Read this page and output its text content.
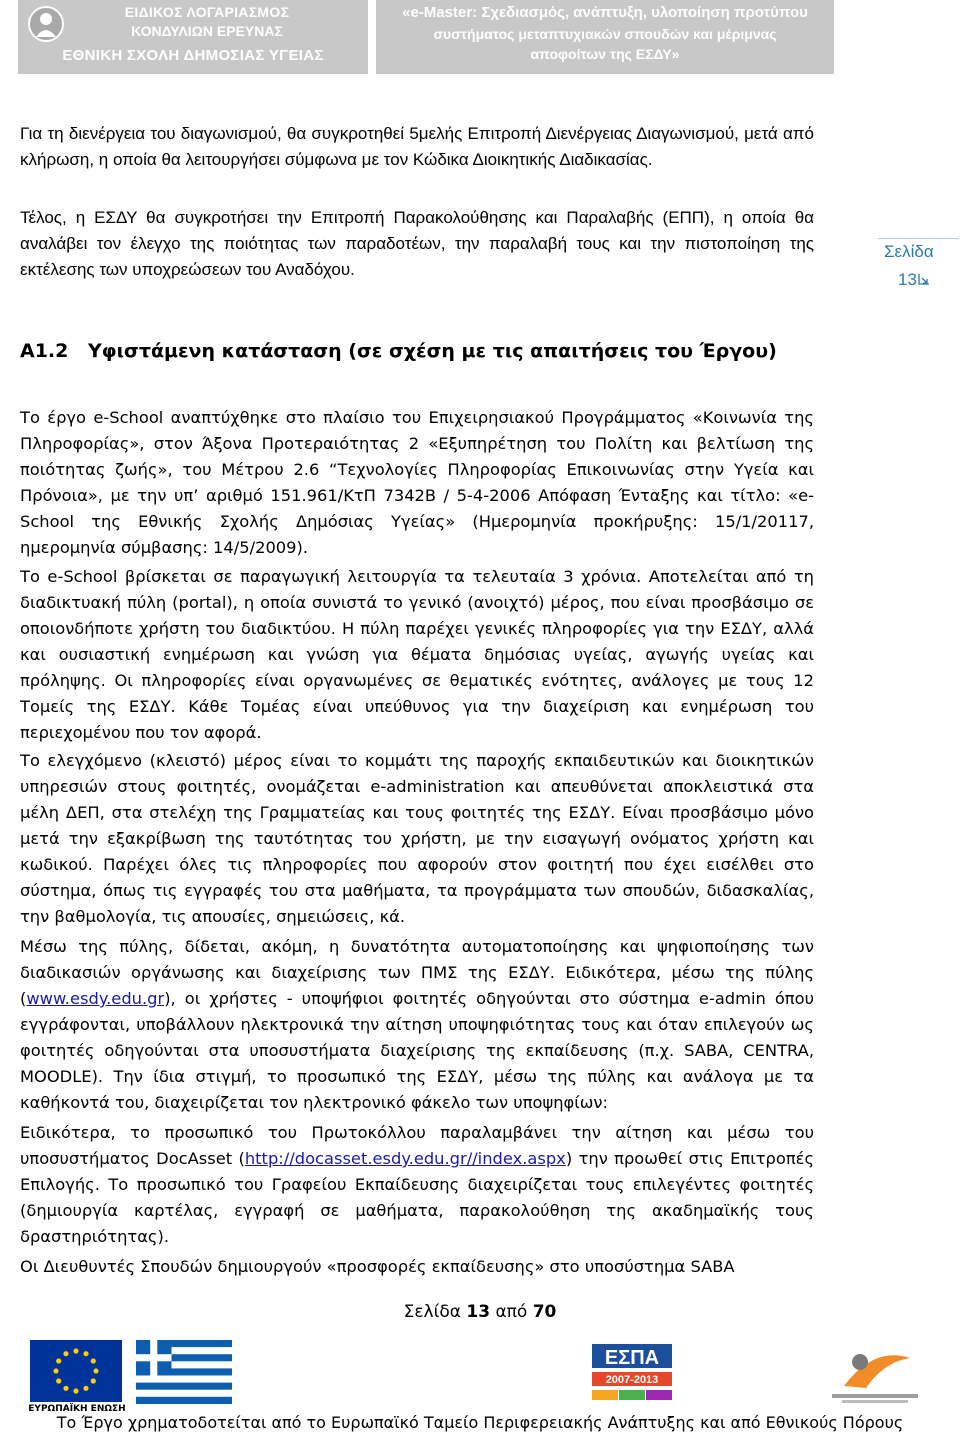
ΕΙΔΙΚΟΣ ΛΟΓΑΡΙΑΣΜΟΣ
ΚΟΝΔΥΛΙΩΝ ΕΡΕΥΝΑΣ
ΕΘΝΙΚΗ ΣΧΟΛΗ ΔΗΜΟΣΙΑΣ ΥΓΕΙΑΣ
«e-Master: Σχεδιασμός, ανάπτυξη, υλοποίηση προτύπου
συστήματος μεταπτυχιακών σπουδών και μέριμνας
αποφοίτων της ΕΣΔΥ»

Για τη διενέργεια του διαγωνισμού, θα συγκροτηθεί 5μελής Επιτροπή Διενέργειας Διαγωνισμού, μετά από κλήρωση, η οποία θα λειτουργήσει σύμφωνα με τον Κώδικα Διοικητικής Διαδικασίας.

Τέλος, η ΕΣΔΥ θα συγκροτήσει την Επιτροπή Παρακολούθησης και Παραλαβής (ΕΠΠ), η οποία θα αναλάβει τον έλεγχο της ποιότητας των παραδοτέων, την παραλαβή τους και την πιστοποίηση της εκτέλεσης των υποχρεώσεων του Αναδόχου.

Σελίδα
13
Α1.2 Υφιστάμενη κατάσταση (σε σχέση με τις απαιτήσεις του Έργου)

Το έργο e-School αναπτύχθηκε στο πλαίσιο του Επιχειρησιακού Προγράμματος «Κοινωνία της Πληροφορίας», στον Άξονα Προτεραιότητας 2 «Εξυπηρέτηση του Πολίτη και βελτίωση της ποιότητας ζωής», του Μέτρου 2.6 “Τεχνολογίες Πληροφορίας Επικοινωνίας στην Υγεία και Πρόνοια», με την υπ’ αριθμό 151.961/ΚτΠ 7342Β / 5-4-2006 Απόφαση Ένταξης και τίτλο: «e-School της Εθνικής Σχολής Δημόσιας Υγείας» (Ημερομηνία προκήρυξης: 15/1/20117, ημερομηνία σύμβασης: 14/5/2009).

Το e-School βρίσκεται σε παραγωγική λειτουργία τα τελευταία 3 χρόνια. Αποτελείται από τη διαδικτυακή πύλη (portal), η οποία συνιστά το γενικό (ανοιχτό) μέρος, που είναι προσβάσιμο σε οποιονδήποτε χρήστη του διαδικτύου. Η πύλη παρέχει γενικές πληροφορίες για την ΕΣΔΥ, αλλά και ουσιαστική ενημέρωση και γνώση για θέματα δημόσιας υγείας, αγωγής υγείας και πρόληψης. Οι πληροφορίες είναι οργανωμένες σε θεματικές ενότητες, ανάλογες με τους 12 Τομείς της ΕΣΔΥ. Κάθε Τομέας είναι υπεύθυνος για την διαχείριση και ενημέρωση του περιεχομένου που τον αφορά.

Το ελεγχόμενο (κλειστό) μέρος είναι το κομμάτι της παροχής εκπαιδευτικών και διοικητικών υπηρεσιών στους φοιτητές, ονομάζεται e-administration και απευθύνεται αποκλειστικά στα μέλη ΔΕΠ, στα στελέχη της Γραμματείας και τους φοιτητές της ΕΣΔΥ. Είναι προσβάσιμο μόνο μετά την εξακρίβωση της ταυτότητας του χρήστη, με την εισαγωγή ονόματος χρήστη και κωδικού. Παρέχει όλες τις πληροφορίες που αφορούν στον φοιτητή που έχει εισέλθει στο σύστημα, όπως τις εγγραφές του στα μαθήματα, τα προγράμματα των σπουδών, διδασκαλίας, την βαθμολογία, τις απουσίες, σημειώσεις, κά.

Μέσω της πύλης, δίδεται, ακόμη, η δυνατότητα αυτοματοποίησης και ψηφιοποίησης των διαδικασιών οργάνωσης και διαχείρισης των ΠΜΣ της ΕΣΔΥ. Ειδικότερα, μέσω της πύλης (www.esdy.edu.gr), οι χρήστες - υποψήφιοι φοιτητές οδηγούνται στο σύστημα e-admin όπου εγγράφονται, υποβάλλουν ηλεκτρονικά την αίτηση υποψηφιότητας τους και όταν επιλεγούν ως φοιτητές οδηγούνται στα υποσυστήματα διαχείρισης της εκπαίδευσης (π.χ. SABA, CENTRA, MOODLE). Την ίδια στιγμή, το προσωπικό της ΕΣΔΥ, μέσω της πύλης και ανάλογα με τα καθήκοντά του, διαχειρίζεται τον ηλεκτρονικό φάκελο των υποψηφίων:

Ειδικότερα, το προσωπικό του Πρωτοκόλλου παραλαμβάνει την αίτηση και μέσω του υποσυστήματος DocAsset (http://docasset.esdy.edu.gr//index.aspx) την προωθεί στις Επιτροπές Επιλογής. Το προσωπικό του Γραφείου Εκπαίδευσης διαχειρίζεται τους επιλεγέντες φοιτητές (δημιουργία καρτέλας, εγγραφή σε μαθήματα, παρακολούθηση της ακαδημαϊκής τους δραστηριότητας).

Οι Διευθυντές Σπουδών δημιουργούν «προσφορές εκπαίδευσης» στο υποσύστημα SABA

Σελίδα 13 από 70
ΕΥΡΩΠΑΪΚΗ ΕΝΩΣΗ
ΕΣΠΑ
2007-2013
Το Έργο χρηματοδοτείται από το Ευρωπαϊκό Ταμείο Περιφερειακής Ανάπτυξης και από Εθνικούς Πόρους
